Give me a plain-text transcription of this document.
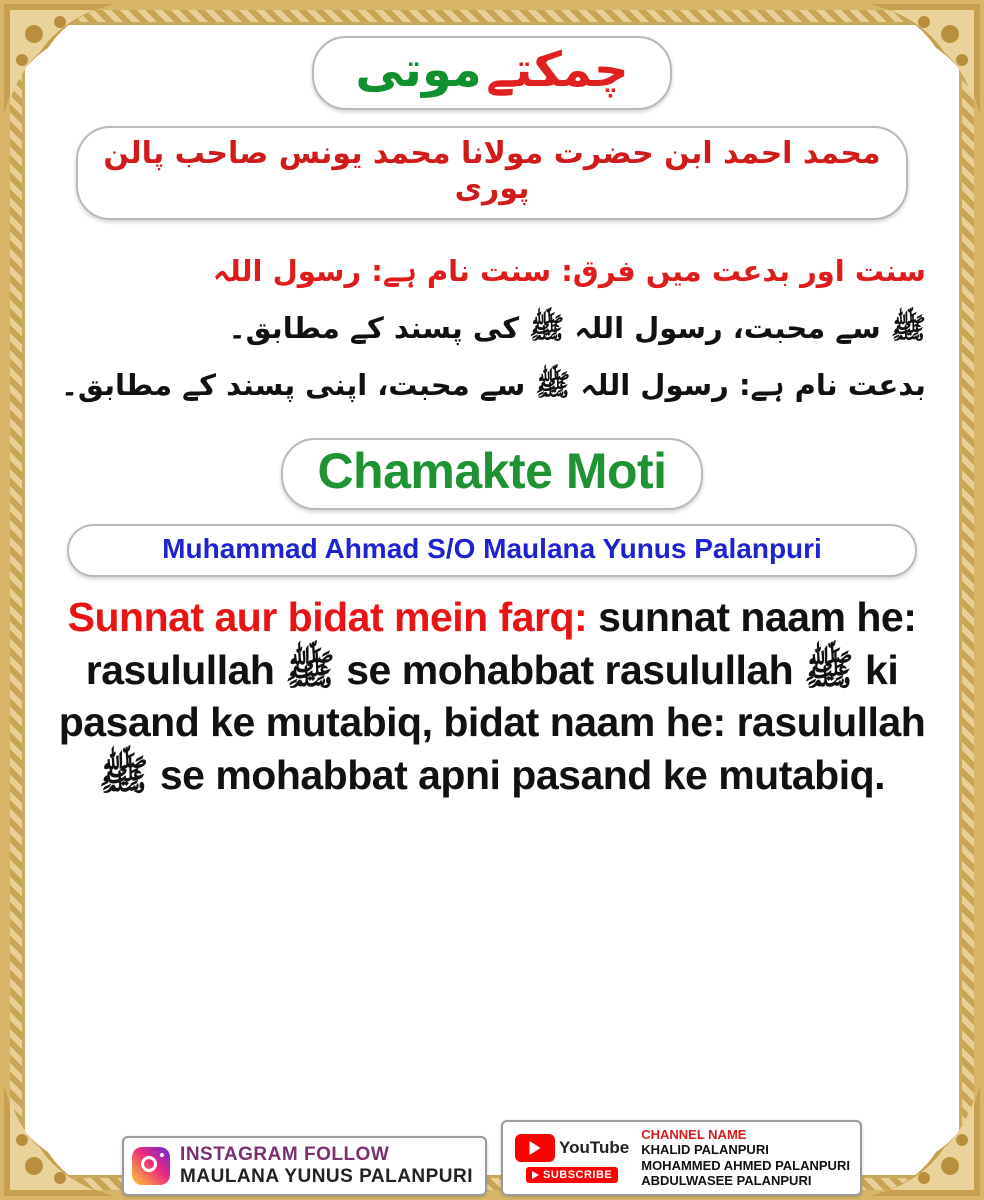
چمکتے موتی
محمد احمد ابن حضرت مولانا محمد یونس صاحب پالن پوری
سنت اور بدعت میں فرق: سنت نام ہے: رسول اللہ
ﷺ سے محبت، رسول اللہ ﷺ کی پسند کے مطابق۔
بدعت نام ہے: رسول اللہ ﷺ سے محبت، اپنی پسند کے مطابق۔
Chamakte Moti
Muhammad Ahmad S/O Maulana Yunus Palanpuri
Sunnat aur bidat mein farq: sunnat naam he: rasulullah ﷺ se mohabbat rasulullah ﷺ ki pasand ke mutabiq, bidat naam he: rasulullah ﷺ se mohabbat apni pasand ke mutabiq.
INSTAGRAM FOLLOW
MAULANA YUNUS PALANPURI
YouTube
SUBSCRIBE
CHANNEL NAME
KHALID PALANPURI
MOHAMMED AHMED PALANPURI
ABDULWASEE PALANPURI
